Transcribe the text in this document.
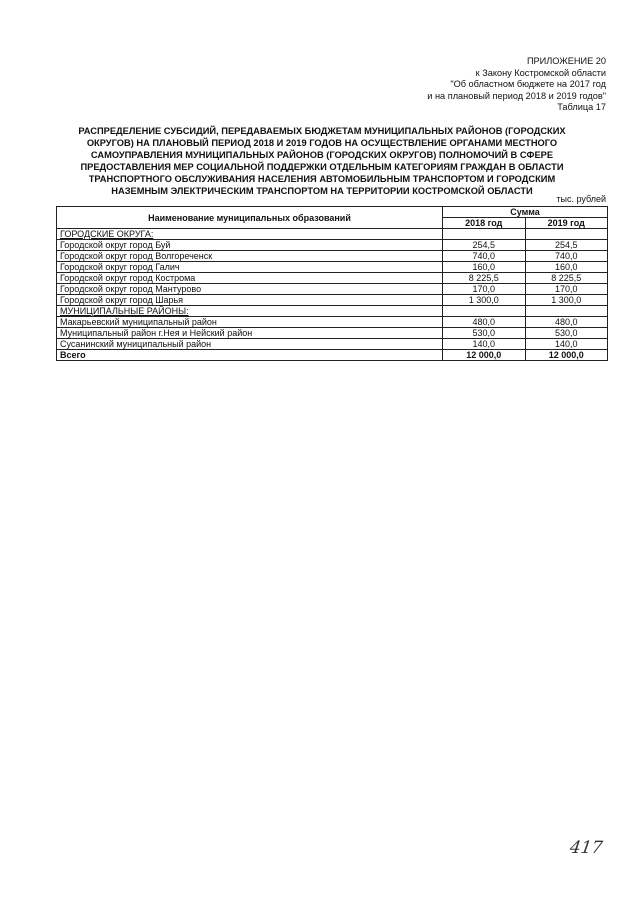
ПРИЛОЖЕНИЕ 20
к Закону Костромской области
"Об областном бюджете на 2017 год
и на плановый период 2018 и 2019 годов"
Таблица 17
РАСПРЕДЕЛЕНИЕ СУБСИДИЙ, ПЕРЕДАВАЕМЫХ БЮДЖЕТАМ МУНИЦИПАЛЬНЫХ РАЙОНОВ (ГОРОДСКИХ ОКРУГОВ) НА ПЛАНОВЫЙ ПЕРИОД 2018 И 2019 ГОДОВ НА ОСУЩЕСТВЛЕНИЕ ОРГАНАМИ МЕСТНОГО САМОУПРАВЛЕНИЯ МУНИЦИПАЛЬНЫХ РАЙОНОВ (ГОРОДСКИХ ОКРУГОВ) ПОЛНОМОЧИЙ В СФЕРЕ ПРЕДОСТАВЛЕНИЯ МЕР СОЦИАЛЬНОЙ ПОДДЕРЖКИ ОТДЕЛЬНЫМ КАТЕГОРИЯМ ГРАЖДАН В ОБЛАСТИ ТРАНСПОРТНОГО ОБСЛУЖИВАНИЯ НАСЕЛЕНИЯ АВТОМОБИЛЬНЫМ ТРАНСПОРТОМ И ГОРОДСКИМ НАЗЕМНЫМ ЭЛЕКТРИЧЕСКИМ ТРАНСПОРТОМ НА ТЕРРИТОРИИ КОСТРОМСКОЙ ОБЛАСТИ
тыс. рублей
Наименование муниципальных образований	Сумма	
	2018 год	2019 год
ГОРОДСКИЕ ОКРУГА:		
Городской округ город Буй	254,5	254,5
Городской округ город Волгореченск	740,0	740,0
Городской округ город Галич	160,0	160,0
Городской округ город Кострома	8 225,5	8 225,5
Городской округ город Мантурово	170,0	170,0
Городской округ город Шарья	1 300,0	1 300,0
МУНИЦИПАЛЬНЫЕ РАЙОНЫ:		
Макарьевский муниципальный район	480,0	480,0
Муниципальный район г.Нея и Нейский район	530,0	530,0
Сусанинский муниципальный район	140,0	140,0
Всего	12 000,0	12 000,0
417
